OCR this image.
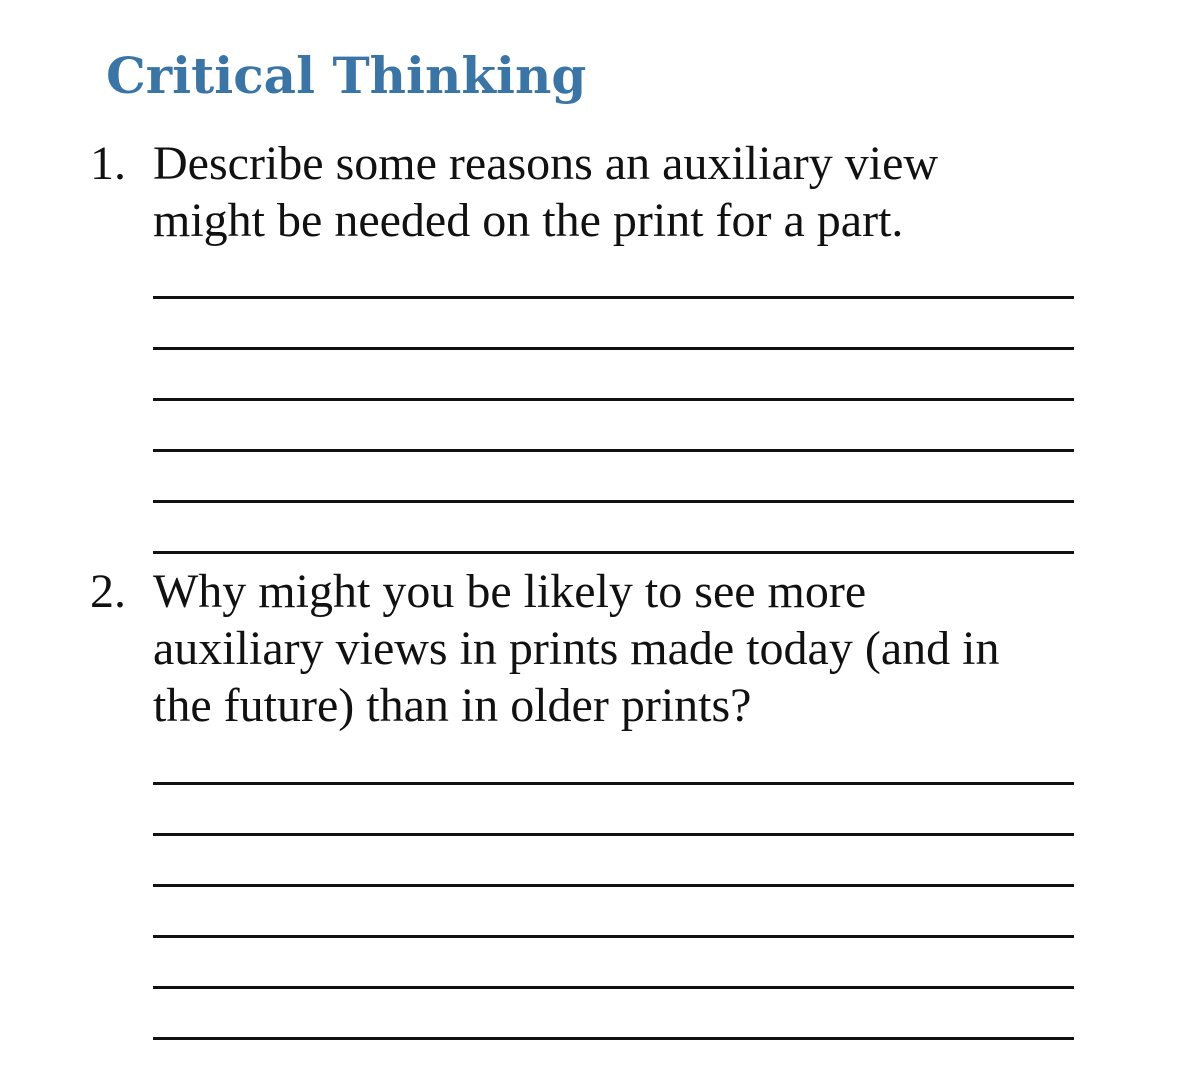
Critical Thinking
1. Describe some reasons an auxiliary view
might be needed on the print for a part.
2. Why might you be likely to see more
auxiliary views in prints made today (and in
the future) than in older prints?
